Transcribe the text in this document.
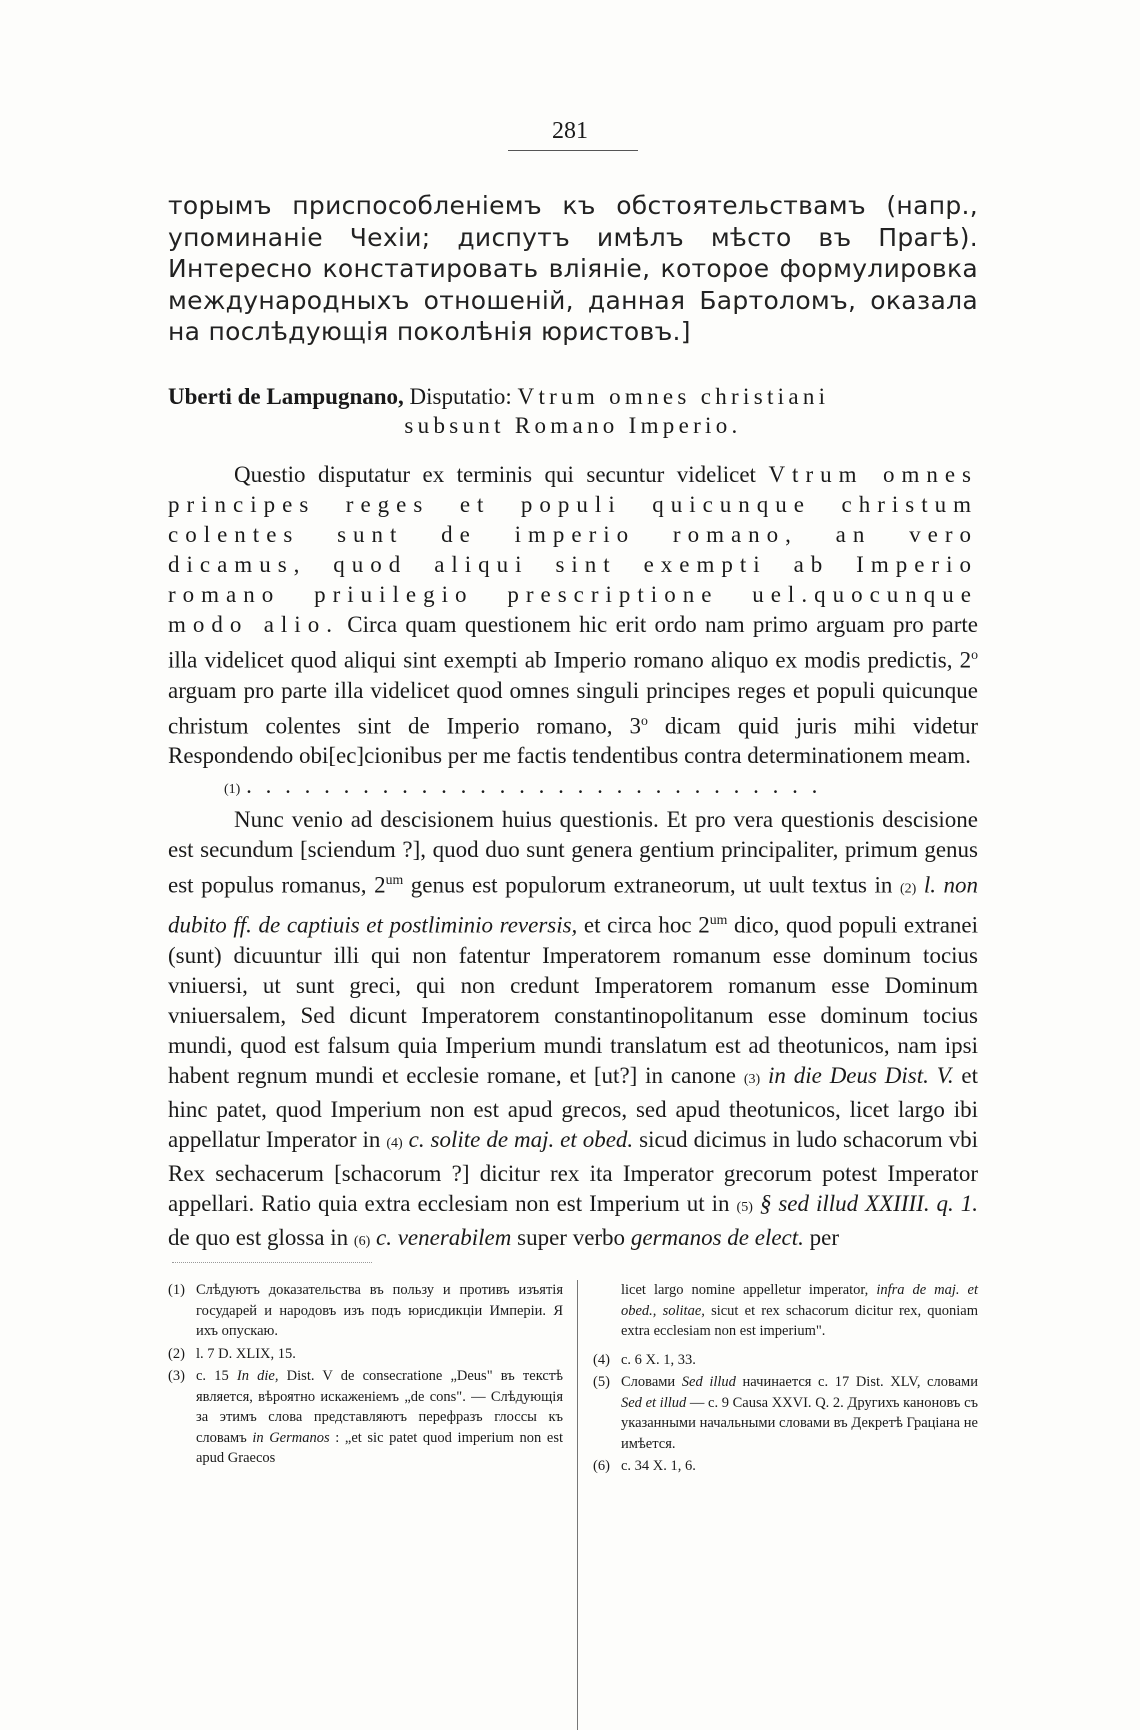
281

торымъ приспособленіемъ къ обстоятельствамъ (напр., упоминаніе Чехіи; диспутъ имѣлъ мѣсто въ Прагѣ). Интересно констатировать вліяніе, которое формулировка международныхъ отношеній, данная Бартоломъ, оказала на послѣдующія поколѣнія юристовъ.]

Uberti de Lampugnano, Disputatio: Vtrum omnes christiani
subsunt Romano Imperio.

Questio disputatur ex terminis qui secuntur videlicet Vtrum omnes principes reges et populi quicunque christum colentes sunt de imperio romano, an vero dicamus, quod aliqui sint exempti ab Imperio romano priuilegio prescriptione uel.quocunque modo alio. Circa quam questionem hic erit ordo nam primo arguam pro parte illa videlicet quod aliqui sint exempti ab Imperio romano aliquo ex modis predictis, 2$^o$ arguam pro parte illa videlicet quod omnes singuli principes reges et populi quicunque christum colentes sint de Imperio romano, 3$^o$ dicam quid juris mihi videtur Respondendo obi[ec]cionibus per me factis tendentibus contra determinationem meam.

(1) . . . . . . . . . . . . . . . . . . . . . . . . . . . . . .

Nunc venio ad descisionem huius questionis. Et pro vera questionis descisione est secundum [sciendum ?], quod duo sunt genera gentium principaliter, primum genus est populus romanus, $2^{um}$ genus est populorum extraneorum, ut uult textus in (2) l. non dubito ff. de captiuis et postliminio reversis, et circa hoc $2^{um}$ dico, quod populi extranei (sunt) dicuuntur illi qui non fatentur Imperatorem romanum esse dominum tocius vniuersi, ut sunt greci, qui non credunt Imperatorem romanum esse Dominum vniuersalem, Sed dicunt Imperatorem constantinopolitanum esse dominum tocius mundi, quod est falsum quia Imperium mundi translatum est ad theotunicos, nam ipsi habent regnum mundi et ecclesie romane, et [ut?] in canone (3) in die Deus Dist. V. et hinc patet, quod Imperium non est apud grecos, sed apud theotunicos, licet largo ibi appellatur Imperator in (4) c. solite de maj. et obed. sicud dicimus in ludo schacorum vbi Rex sechacerum [schacorum ?] dicitur rex ita Imperator grecorum potest Imperator appellari. Ratio quia extra ecclesiam non est Imperium ut in (5) § sed illud XXIIII. q. 1. de quo est glossa in (6) c. venerabilem super verbo germanos de elect. per

(1) Слѣдуютъ доказательства въ пользу и противъ изъятія государей и народовъ изъ подъ юрисдикціи Имперіи. Я ихъ опускаю.
(2) l. 7 D. XLIX, 15.
(3) c. 15 In die, Dist. V de consecratione „Deus" въ текстѣ является, вѣроятно искаженіемъ „de cons". — Слѣдующія за этимъ слова представляютъ перефразъ глоссы къ словамъ in Germanos : „et sic patet quod imperium non est apud Graecos
licet largo nomine appelletur imperator, infra de maj. et obed., solitae, sicut et rex schacorum dicitur rex, quoniam extra ecclesiam non est imperium".
(4) c. 6 X. 1, 33.
(5) Словами Sed illud начинается c. 17 Dist. XLV, словами Sed et illud — c. 9 Causa XXVI. Q. 2. Другихъ каноновъ съ указанными начальными словами въ Декретѣ Граціана не имѣется.
(6) c. 34 X. 1, 6.
